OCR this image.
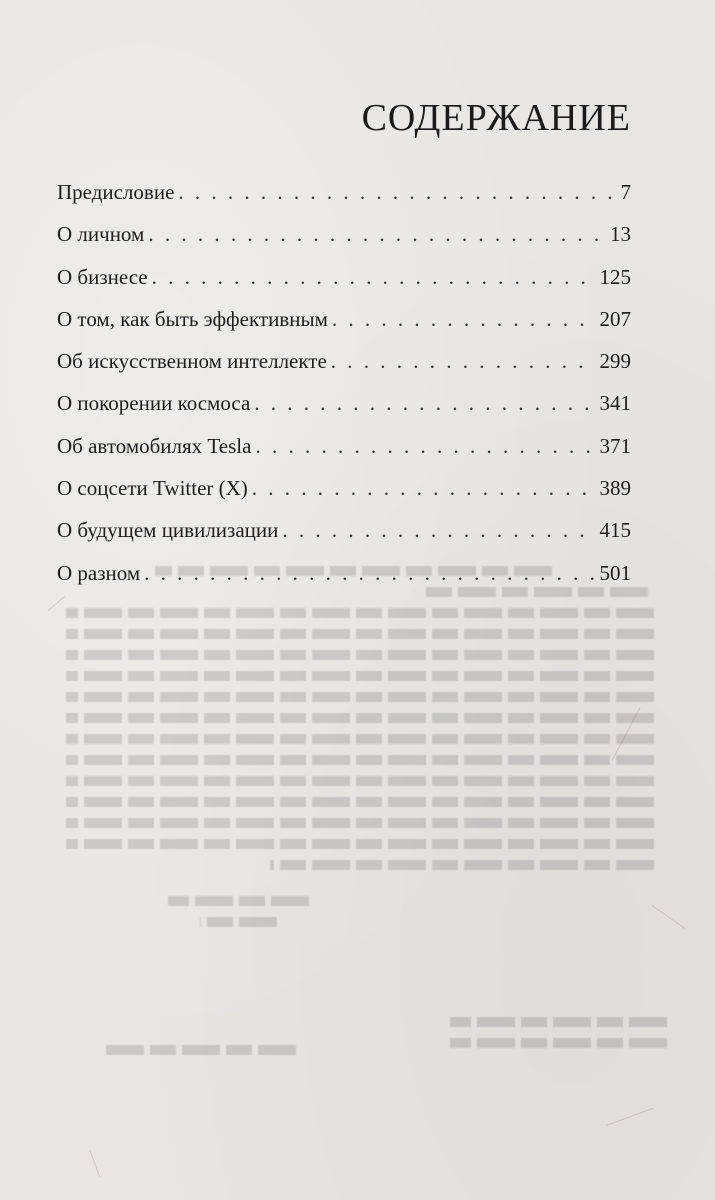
СОДЕРЖАНИЕ
Предисловие . . .	7
О личном . . .	13
О бизнесе . . .	125
О том, как быть эффективным . . .	207
Об искусственном интеллекте . . .	299
О покорении космоса . . .	341
Об автомобилях Tesla . . .	371
О соцсети Twitter (X) . . .	389
О будущем цивилизации . . .	415
О разном . . .	501
